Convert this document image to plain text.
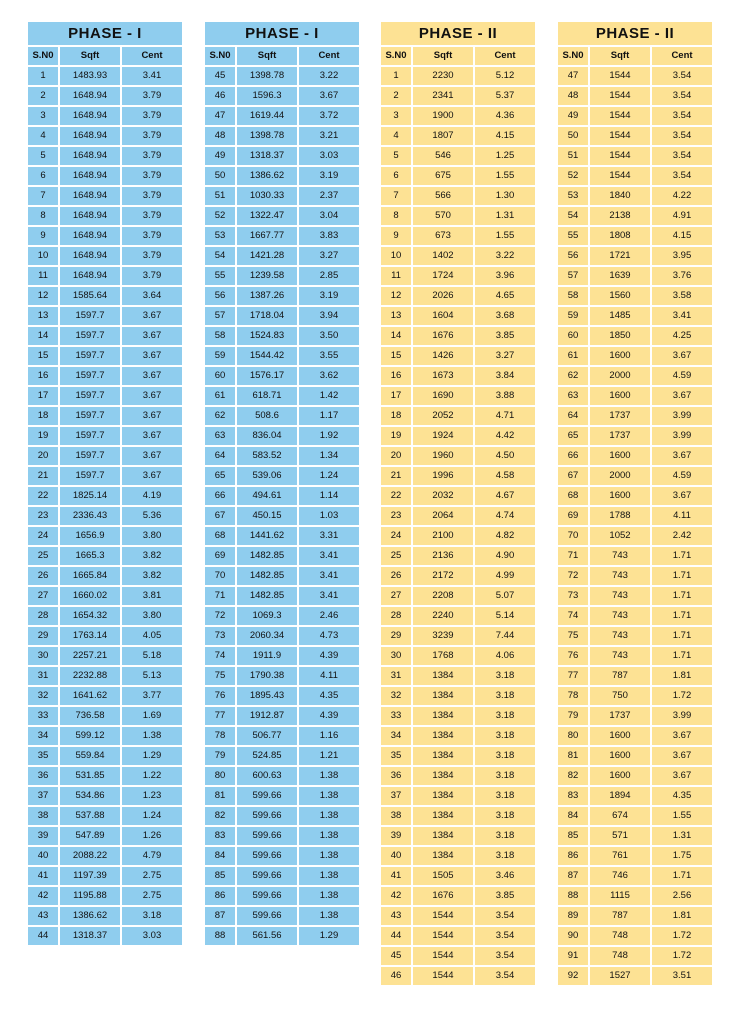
PHASE - I
S.N0	Sqft	Cent
1	1483.93	3.41
2	1648.94	3.79
3	1648.94	3.79
4	1648.94	3.79
5	1648.94	3.79
6	1648.94	3.79
7	1648.94	3.79
8	1648.94	3.79
9	1648.94	3.79
10	1648.94	3.79
11	1648.94	3.79
12	1585.64	3.64
13	1597.7	3.67
14	1597.7	3.67
15	1597.7	3.67
16	1597.7	3.67
17	1597.7	3.67
18	1597.7	3.67
19	1597.7	3.67
20	1597.7	3.67
21	1597.7	3.67
22	1825.14	4.19
23	2336.43	5.36
24	1656.9	3.80
25	1665.3	3.82
26	1665.84	3.82
27	1660.02	3.81
28	1654.32	3.80
29	1763.14	4.05
30	2257.21	5.18
31	2232.88	5.13
32	1641.62	3.77
33	736.58	1.69
34	599.12	1.38
35	559.84	1.29
36	531.85	1.22
37	534.86	1.23
38	537.88	1.24
39	547.89	1.26
40	2088.22	4.79
41	1197.39	2.75
42	1195.88	2.75
43	1386.62	3.18
44	1318.37	3.03
PHASE - I
S.N0	Sqft	Cent
45	1398.78	3.22
46	1596.3	3.67
47	1619.44	3.72
48	1398.78	3.21
49	1318.37	3.03
50	1386.62	3.19
51	1030.33	2.37
52	1322.47	3.04
53	1667.77	3.83
54	1421.28	3.27
55	1239.58	2.85
56	1387.26	3.19
57	1718.04	3.94
58	1524.83	3.50
59	1544.42	3.55
60	1576.17	3.62
61	618.71	1.42
62	508.6	1.17
63	836.04	1.92
64	583.52	1.34
65	539.06	1.24
66	494.61	1.14
67	450.15	1.03
68	1441.62	3.31
69	1482.85	3.41
70	1482.85	3.41
71	1482.85	3.41
72	1069.3	2.46
73	2060.34	4.73
74	1911.9	4.39
75	1790.38	4.11
76	1895.43	4.35
77	1912.87	4.39
78	506.77	1.16
79	524.85	1.21
80	600.63	1.38
81	599.66	1.38
82	599.66	1.38
83	599.66	1.38
84	599.66	1.38
85	599.66	1.38
86	599.66	1.38
87	599.66	1.38
88	561.56	1.29
PHASE - II
S.N0	Sqft	Cent
1	2230	5.12
2	2341	5.37
3	1900	4.36
4	1807	4.15
5	546	1.25
6	675	1.55
7	566	1.30
8	570	1.31
9	673	1.55
10	1402	3.22
11	1724	3.96
12	2026	4.65
13	1604	3.68
14	1676	3.85
15	1426	3.27
16	1673	3.84
17	1690	3.88
18	2052	4.71
19	1924	4.42
20	1960	4.50
21	1996	4.58
22	2032	4.67
23	2064	4.74
24	2100	4.82
25	2136	4.90
26	2172	4.99
27	2208	5.07
28	2240	5.14
29	3239	7.44
30	1768	4.06
31	1384	3.18
32	1384	3.18
33	1384	3.18
34	1384	3.18
35	1384	3.18
36	1384	3.18
37	1384	3.18
38	1384	3.18
39	1384	3.18
40	1384	3.18
41	1505	3.46
42	1676	3.85
43	1544	3.54
44	1544	3.54
45	1544	3.54
46	1544	3.54
PHASE - II
S.N0	Sqft	Cent
47	1544	3.54
48	1544	3.54
49	1544	3.54
50	1544	3.54
51	1544	3.54
52	1544	3.54
53	1840	4.22
54	2138	4.91
55	1808	4.15
56	1721	3.95
57	1639	3.76
58	1560	3.58
59	1485	3.41
60	1850	4.25
61	1600	3.67
62	2000	4.59
63	1600	3.67
64	1737	3.99
65	1737	3.99
66	1600	3.67
67	2000	4.59
68	1600	3.67
69	1788	4.11
70	1052	2.42
71	743	1.71
72	743	1.71
73	743	1.71
74	743	1.71
75	743	1.71
76	743	1.71
77	787	1.81
78	750	1.72
79	1737	3.99
80	1600	3.67
81	1600	3.67
82	1600	3.67
83	1894	4.35
84	674	1.55
85	571	1.31
86	761	1.75
87	746	1.71
88	1115	2.56
89	787	1.81
90	748	1.72
91	748	1.72
92	1527	3.51
